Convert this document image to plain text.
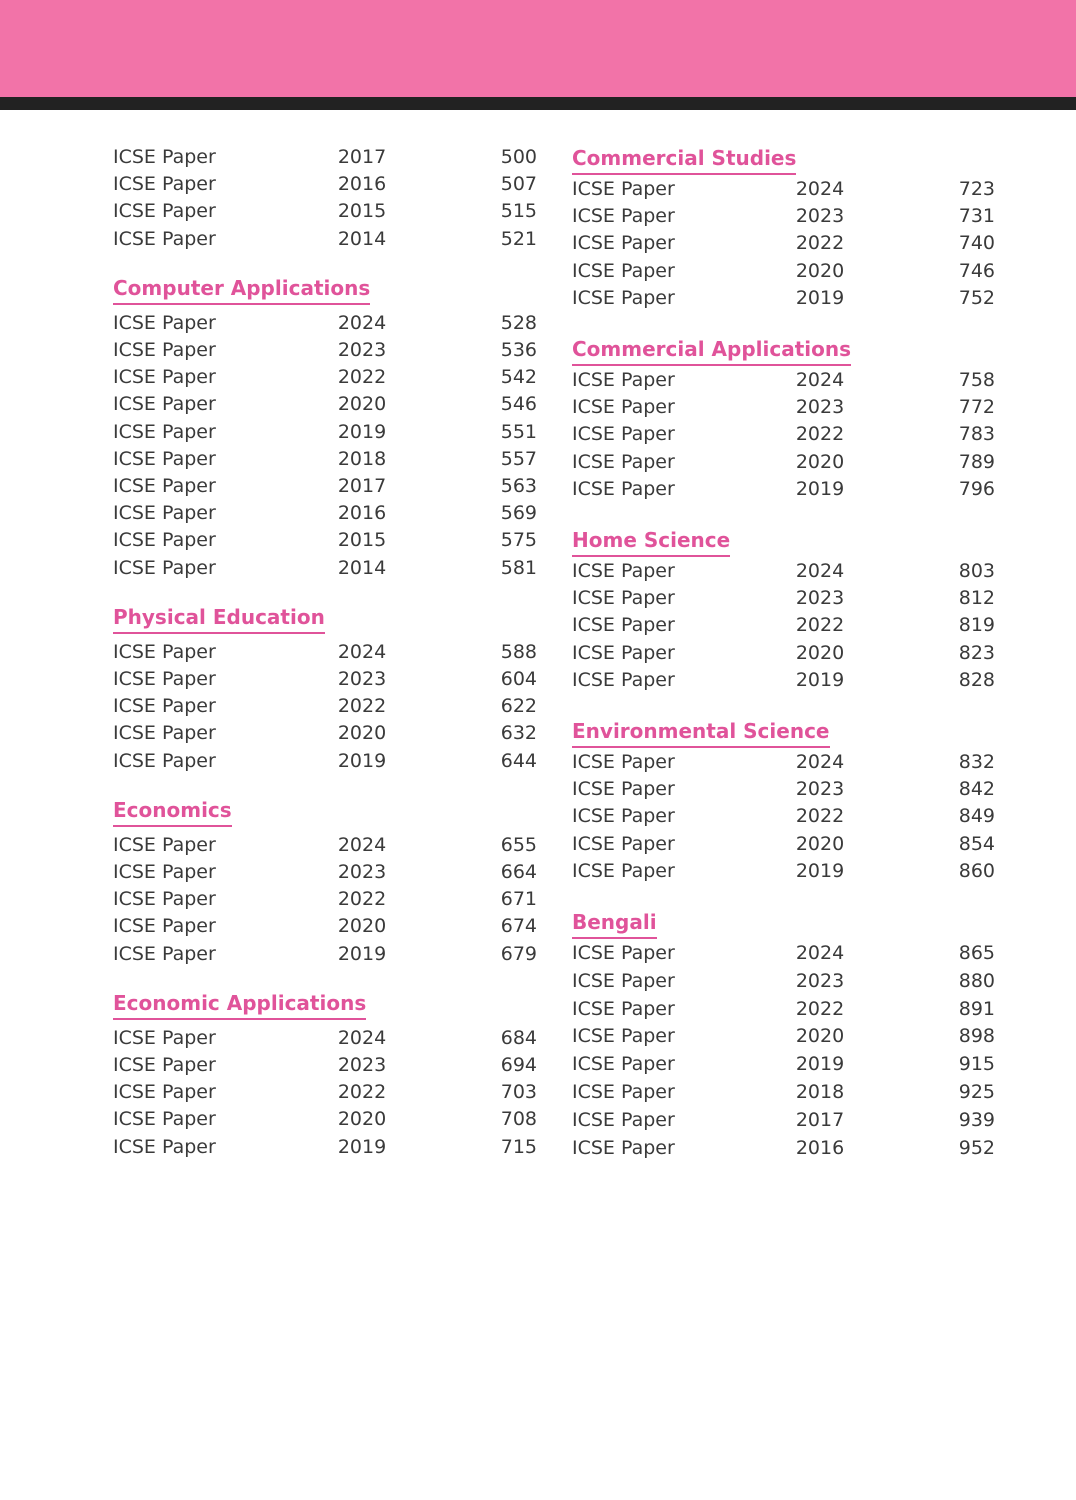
ICSE Paper	2017	500
ICSE Paper	2016	507
ICSE Paper	2015	515
ICSE Paper	2014	521
Computer Applications
ICSE Paper	2024	528
ICSE Paper	2023	536
ICSE Paper	2022	542
ICSE Paper	2020	546
ICSE Paper	2019	551
ICSE Paper	2018	557
ICSE Paper	2017	563
ICSE Paper	2016	569
ICSE Paper	2015	575
ICSE Paper	2014	581
Physical Education
ICSE Paper	2024	588
ICSE Paper	2023	604
ICSE Paper	2022	622
ICSE Paper	2020	632
ICSE Paper	2019	644
Economics
ICSE Paper	2024	655
ICSE Paper	2023	664
ICSE Paper	2022	671
ICSE Paper	2020	674
ICSE Paper	2019	679
Economic Applications
ICSE Paper	2024	684
ICSE Paper	2023	694
ICSE Paper	2022	703
ICSE Paper	2020	708
ICSE Paper	2019	715
Commercial Studies
ICSE Paper	2024	723
ICSE Paper	2023	731
ICSE Paper	2022	740
ICSE Paper	2020	746
ICSE Paper	2019	752
Commercial Applications
ICSE Paper	2024	758
ICSE Paper	2023	772
ICSE Paper	2022	783
ICSE Paper	2020	789
ICSE Paper	2019	796
Home Science
ICSE Paper	2024	803
ICSE Paper	2023	812
ICSE Paper	2022	819
ICSE Paper	2020	823
ICSE Paper	2019	828
Environmental Science
ICSE Paper	2024	832
ICSE Paper	2023	842
ICSE Paper	2022	849
ICSE Paper	2020	854
ICSE Paper	2019	860
Bengali
ICSE Paper	2024	865
ICSE Paper	2023	880
ICSE Paper	2022	891
ICSE Paper	2020	898
ICSE Paper	2019	915
ICSE Paper	2018	925
ICSE Paper	2017	939
ICSE Paper	2016	952
